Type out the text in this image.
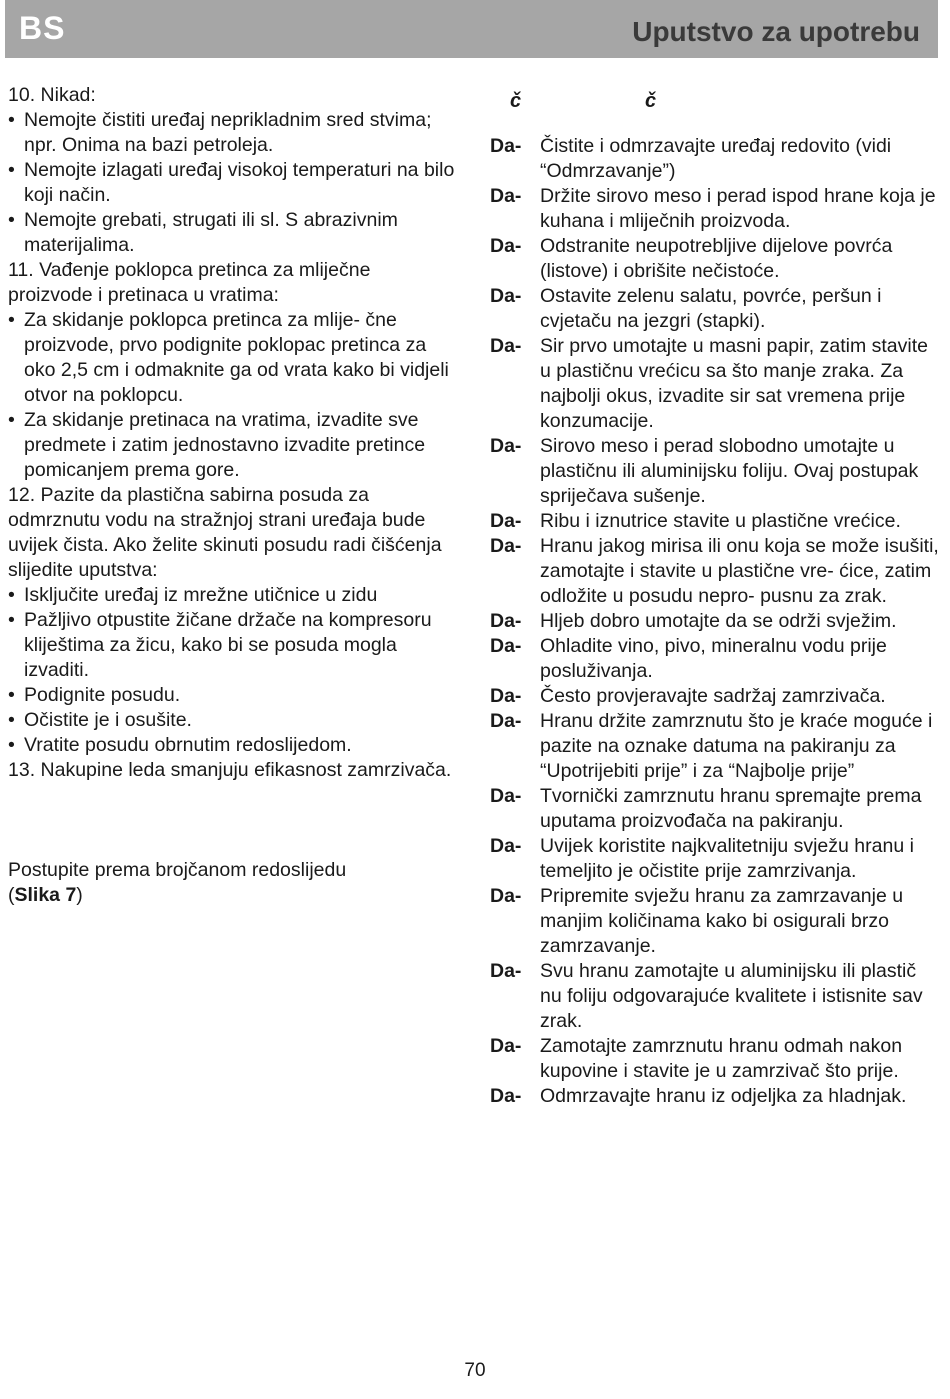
BS	Uputstvo za upotrebu
10. Nikad:
• Nemojte čistiti uređaj neprikladnim sred stvima; npr. Onima na bazi petroleja.
• Nemojte izlagati uređaj visokoj temperaturi na bilo koji način.
• Nemojte grebati, strugati ili sl. S abrazivnim materijalima.
11. Vađenje poklopca pretinca za mliječne proizvode i pretinaca u vratima:
• Za skidanje poklopca pretinca za mlije- čne proizvode, prvo podignite poklopac pretinca za oko 2,5 cm i odmaknite ga od vrata kako bi vidjeli otvor na poklopcu.
• Za skidanje pretinaca na vratima, izvadite sve predmete i zatim jednostavno izvadite pretince pomicanjem prema gore.
12. Pazite da plastična sabirna posuda za odmrznutu vodu na stražnjoj strani uređaja bude uvijek čista. Ako želite skinuti posudu radi čišćenja slijedite uputstva:
• Isključite uređaj iz mrežne utičnice u zidu
• Pažljivo otpustite žičane držače na kompresoru kliještima za žicu, kako bi se posuda mogla izvaditi.
• Podignite posudu.
• Očistite je i osušite.
• Vratite posudu obrnutim redoslijedom.
13. Nakupine leda smanjuju efikasnost zamrzivača.
Postupite prema brojčanom redoslijedu
(Slika 7)
č	č
Da- Čistite i odmrzavajte uređaj redovito (vidi “Odmrzavanje”)
Da- Držite sirovo meso i perad ispod hrane koja je kuhana i mliječnih proizvoda.
Da- Odstranite neupotrebljive dijelove povrća (listove) i obrišite nečistoće.
Da- Ostavite zelenu salatu, povrće, peršun i cvjetaču na jezgri (stapki).
Da- Sir prvo umotajte u masni papir, zatim stavite u plastičnu vrećicu sa što manje zraka. Za najbolji okus, izvadite sir sat vremena prije konzumacije.
Da- Sirovo meso i perad slobodno umotajte u plastičnu ili aluminijsku foliju. Ovaj postupak spriječava sušenje.
Da- Ribu i iznutrice stavite u plastične vrećice.
Da- Hranu jakog mirisa ili onu koja se može isušiti, zamotajte i stavite u plastične vre- ćice, zatim odložite u posudu nepro- pusnu za zrak.
Da- Hljeb dobro umotajte da se održi svježim.
Da- Ohladite vino, pivo, mineralnu vodu prije posluživanja.
Da- Često provjeravajte sadržaj zamrzivača.
Da- Hranu držite zamrznutu što je kraće moguće i pazite na oznake datuma na pakiranju za “Upotrijebiti prije” i za “Najbolje prije”
Da- Tvornički zamrznutu hranu spremajte prema uputama proizvođača na pakiranju.
Da- Uvijek koristite najkvalitetniju svježu hranu i temeljito je očistite prije zamrzivanja.
Da- Pripremite svježu hranu za zamrzavanje u manjim količinama kako bi osigurali brzo zamrzavanje.
Da- Svu hranu zamotajte u aluminijsku ili plastič nu foliju odgovarajuće kvalitete i istisnite sav zrak.
Da- Zamotajte zamrznutu hranu odmah nakon kupovine i stavite je u zamrzivač što prije.
Da- Odmrzavajte hranu iz odjeljka za hladnjak.
70
